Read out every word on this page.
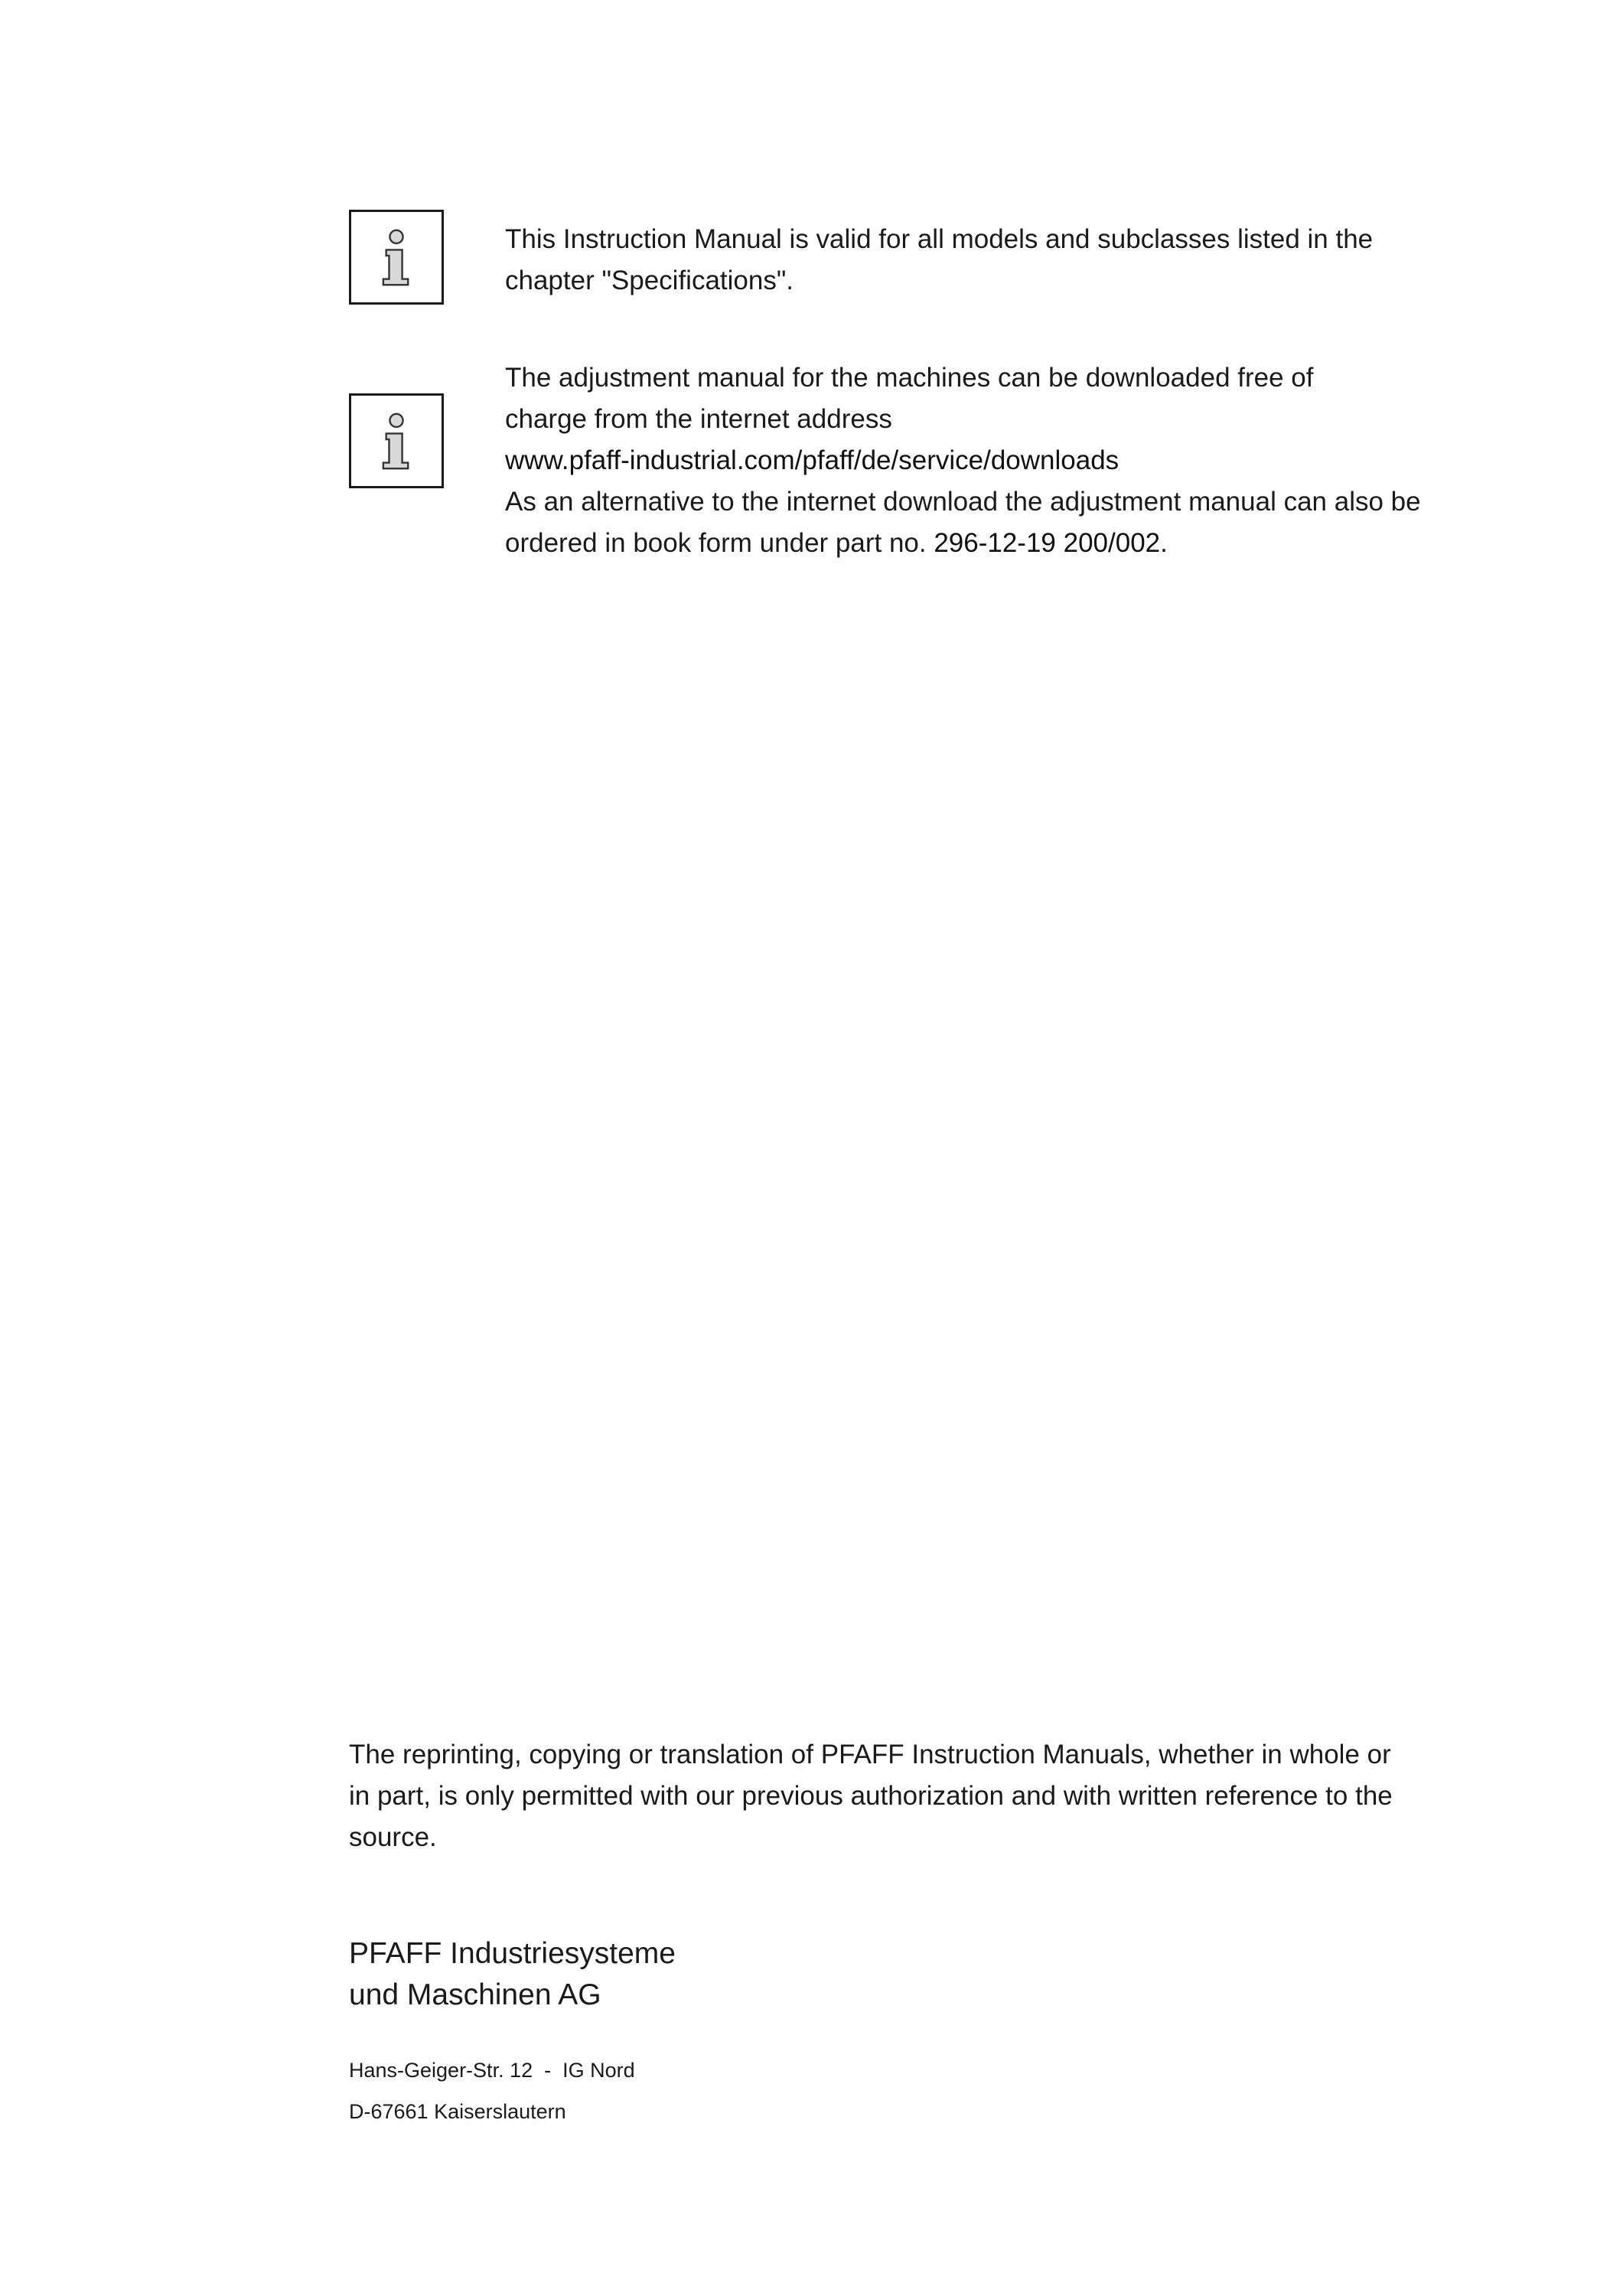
This Instruction Manual is valid for all models and subclasses listed in the

chapter "Specifications".

The adjustment manual for the machines can be downloaded free of

charge from the internet address

www.pfaff-industrial.com/pfaff/de/service/downloads

As an alternative to the internet download the adjustment manual can also be

ordered in book form under part no. 296-12-19 200/002.

The reprinting, copying or translation of PFAFF Instruction Manuals, whether in whole or
in part, is only permitted with our previous authorization and with written reference to the
source.
PFAFF Industriesysteme
und Maschinen AG
Hans-Geiger-Str. 12  -  IG Nord
D-67661 Kaiserslautern
